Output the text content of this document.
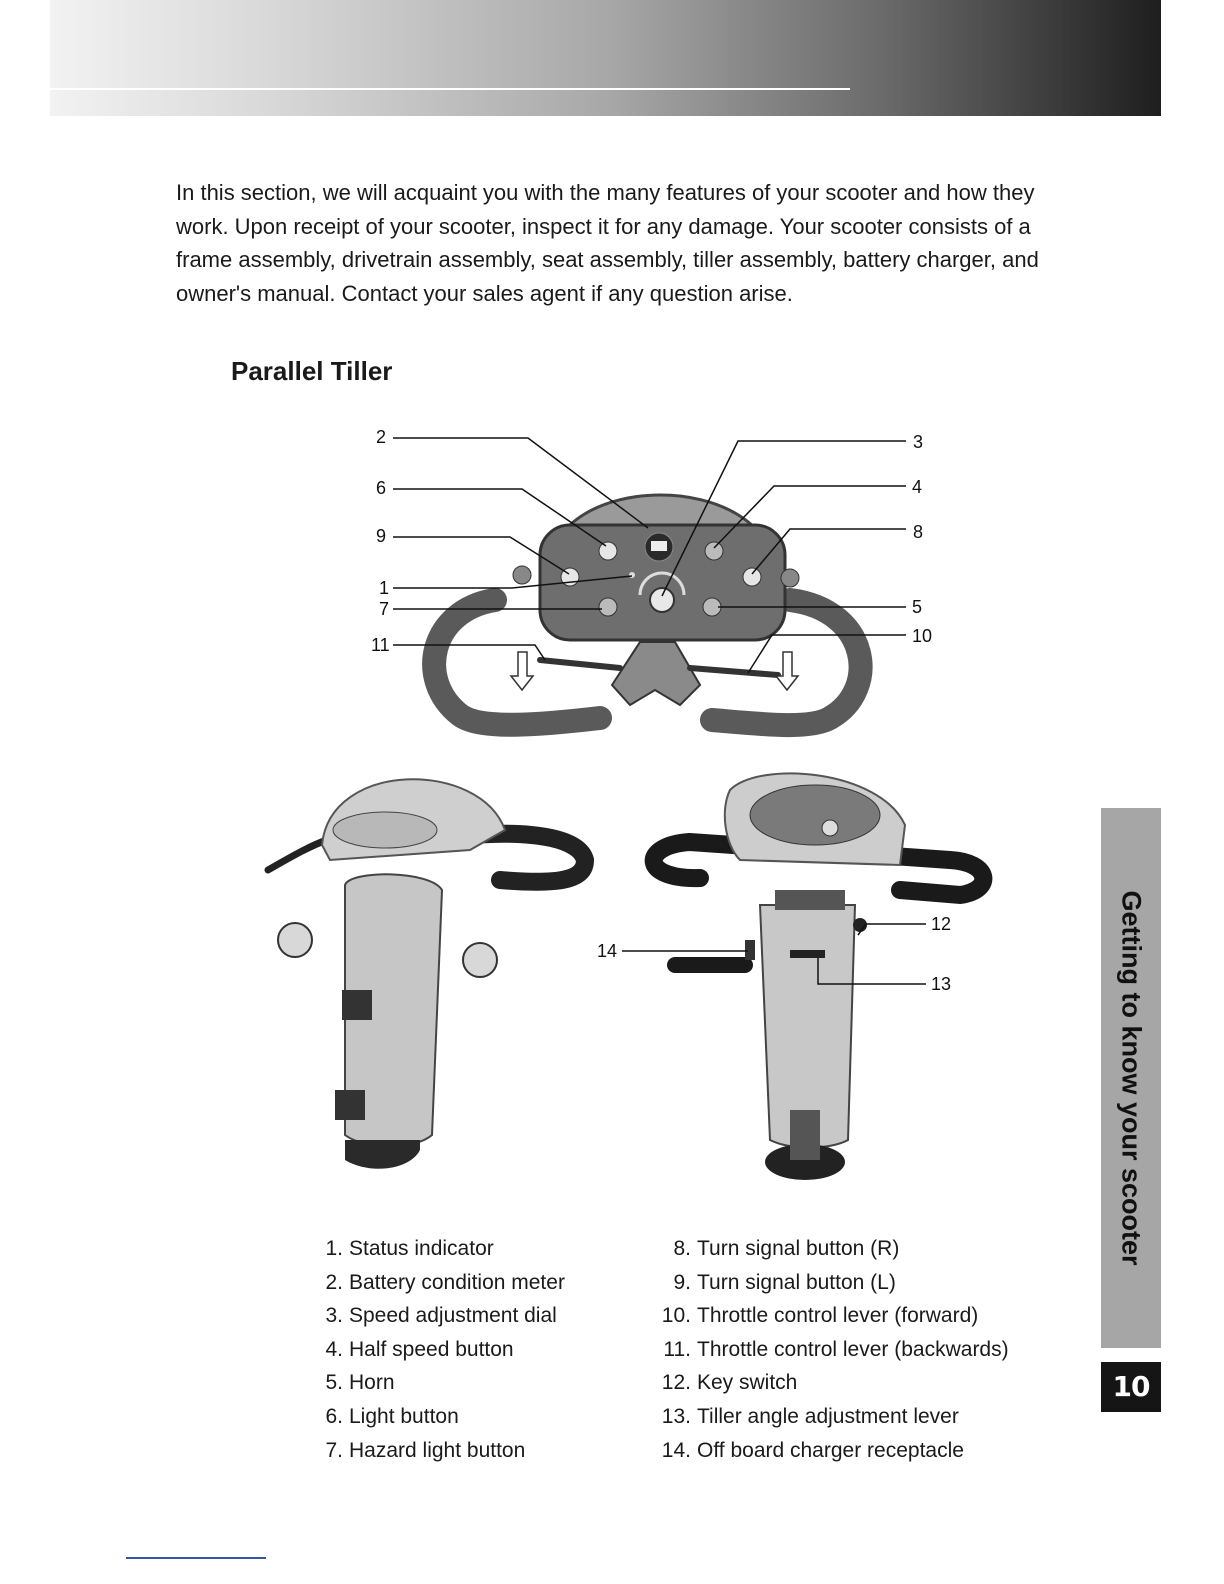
In this section, we will acquaint you with the many features of your scooter and how they work. Upon receipt of your scooter, inspect it for any damage. Your scooter consists of a frame assembly, drivetrain assembly, seat assembly, tiller assembly, battery charger, and owner's manual. Contact your sales agent if any question arise.

Parallel Tiller
2
6
9
1
7
11
3
4
8
5
10
14
12
13
1. Status indicator
2. Battery condition meter
3. Speed adjustment dial
4. Half speed button
5. Horn
6. Light button
7. Hazard light button
8. Turn signal button (R)
9. Turn signal button (L)
10. Throttle control lever (forward)
11. Throttle control lever (backwards)
12. Key switch
13. Tiller angle adjustment lever
14. Off board charger receptacle
Getting to know your scooter
10
